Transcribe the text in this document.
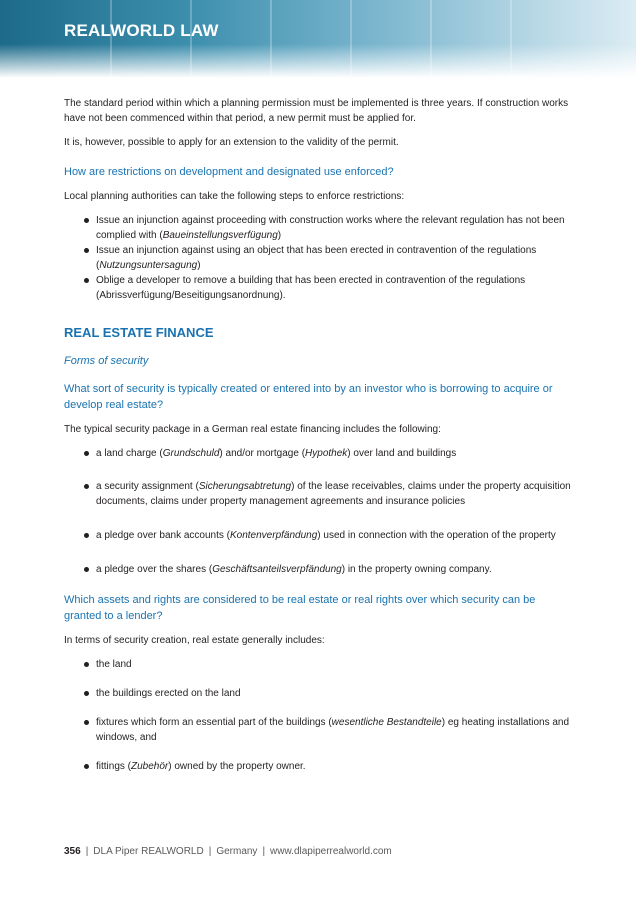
REALWORLD LAW

The standard period within which a planning permission must be implemented is three years. If construction works have not been commenced within that period, a new permit must be applied for.

It is, however, possible to apply for an extension to the validity of the permit.

How are restrictions on development and designated use enforced?

Local planning authorities can take the following steps to enforce restrictions:

Issue an injunction against proceeding with construction works where the relevant regulation has not been complied with (Baueinstellungsverfügung)
Issue an injunction against using an object that has been erected in contravention of the regulations (Nutzungsuntersagung)
Oblige a developer to remove a building that has been erected in contravention of the regulations (Abrissverfügung/Beseitigungsanordnung).

REAL ESTATE FINANCE

Forms of security

What sort of security is typically created or entered into by an investor who is borrowing to acquire or develop real estate?

The typical security package in a German real estate financing includes the following:

a land charge (Grundschuld) and/or mortgage (Hypothek) over land and buildings
a security assignment (Sicherungsabtretung) of the lease receivables, claims under the property acquisition documents, claims under property management agreements and insurance policies
a pledge over bank accounts (Kontenverpfändung) used in connection with the operation of the property
a pledge over the shares (Geschäftsanteilsverpfändung) in the property owning company.

Which assets and rights are considered to be real estate or real rights over which security can be granted to a lender?

In terms of security creation, real estate generally includes:

the land
the buildings erected on the land
fixtures which form an essential part of the buildings (wesentliche Bestandteile) eg heating installations and windows, and
fittings (Zubehör) owned by the property owner.
356 | DLA Piper REALWORLD | Germany | www.dlapiperrealworld.com
